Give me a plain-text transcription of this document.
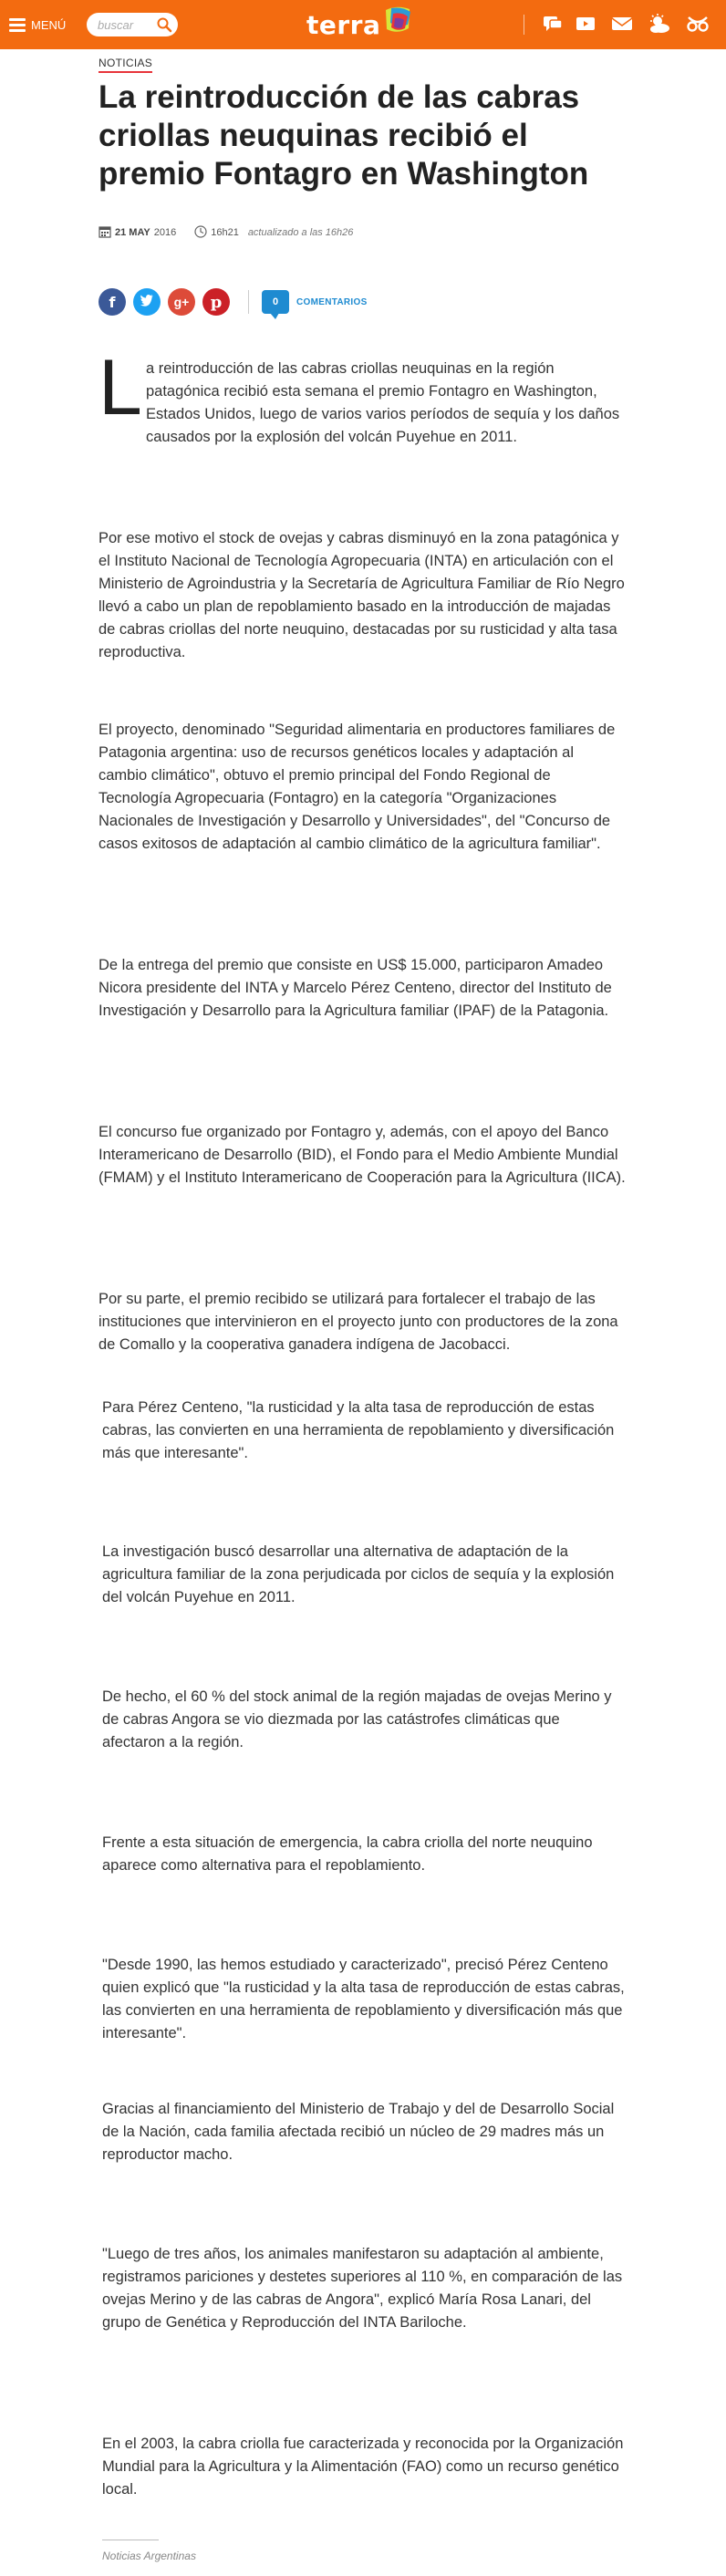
MENÚ
buscar	terra
NOTICIAS
La reintroducción de las cabras criollas neuquinas recibió el premio Fontagro en Washington
21 MAY 2016	16h21 actualizado a las 16h26
f	g+ p	0 COMENTARIOS
L a reintroducción de las cabras criollas neuquinas en la región patagónica recibió esta semana el premio Fontagro en Washington, Estados Unidos, luego de varios varios períodos de sequía y los daños causados por la explosión del volcán Puyehue en 2011.

Por ese motivo el stock de ovejas y cabras disminuyó en la zona patagónica y el Instituto Nacional de Tecnología Agropecuaria (INTA) en articulación con el Ministerio de Agroindustria y la Secretaría de Agricultura Familiar de Río Negro llevó a cabo un plan de repoblamiento basado en la introducción de majadas de cabras criollas del norte neuquino, destacadas por su rusticidad y alta tasa reproductiva.

El proyecto, denominado "Seguridad alimentaria en productores familiares de Patagonia argentina: uso de recursos genéticos locales y adaptación al cambio climático", obtuvo el premio principal del Fondo Regional de Tecnología Agropecuaria (Fontagro) en la categoría "Organizaciones Nacionales de Investigación y Desarrollo y Universidades", del "Concurso de casos exitosos de adaptación al cambio climático de la agricultura familiar".

De la entrega del premio que consiste en US$ 15.000, participaron Amadeo Nicora presidente del INTA y Marcelo Pérez Centeno, director del Instituto de Investigación y Desarrollo para la Agricultura familiar (IPAF) de la Patagonia.

El concurso fue organizado por Fontagro y, además, con el apoyo del Banco Interamericano de Desarrollo (BID), el Fondo para el Medio Ambiente Mundial (FMAM) y el Instituto Interamericano de Cooperación para la Agricultura (IICA).

Por su parte, el premio recibido se utilizará para fortalecer el trabajo de las instituciones que intervinieron en el proyecto junto con productores de la zona de Comallo y la cooperativa ganadera indígena de Jacobacci.

Para Pérez Centeno, "la rusticidad y la alta tasa de reproducción de estas cabras, las convierten en una herramienta de repoblamiento y diversificación más que interesante".

La investigación buscó desarrollar una alternativa de adaptación de la agricultura familiar de la zona perjudicada por ciclos de sequía y la explosión del volcán Puyehue en 2011.

De hecho, el 60 % del stock animal de la región majadas de ovejas Merino y de cabras Angora se vio diezmada por las catástrofes climáticas que afectaron a la región.

Frente a esta situación de emergencia, la cabra criolla del norte neuquino aparece como alternativa para el repoblamiento.

"Desde 1990, las hemos estudiado y caracterizado", precisó Pérez Centeno quien explicó que "la rusticidad y la alta tasa de reproducción de estas cabras, las convierten en una herramienta de repoblamiento y diversificación más que interesante".

Gracias al financiamiento del Ministerio de Trabajo y del de Desarrollo Social de la Nación, cada familia afectada recibió un núcleo de 29 madres más un reproductor macho.

"Luego de tres años, los animales manifestaron su adaptación al ambiente, registramos pariciones y destetes superiores al 110 %, en comparación de las ovejas Merino y de las cabras de Angora", explicó María Rosa Lanari, del grupo de Genética y Reproducción del INTA Bariloche.

En el 2003, la cabra criolla fue caracterizada y reconocida por la Organización Mundial para la Agricultura y la Alimentación (FAO) como un recurso genético local.

Noticias Argentinas
